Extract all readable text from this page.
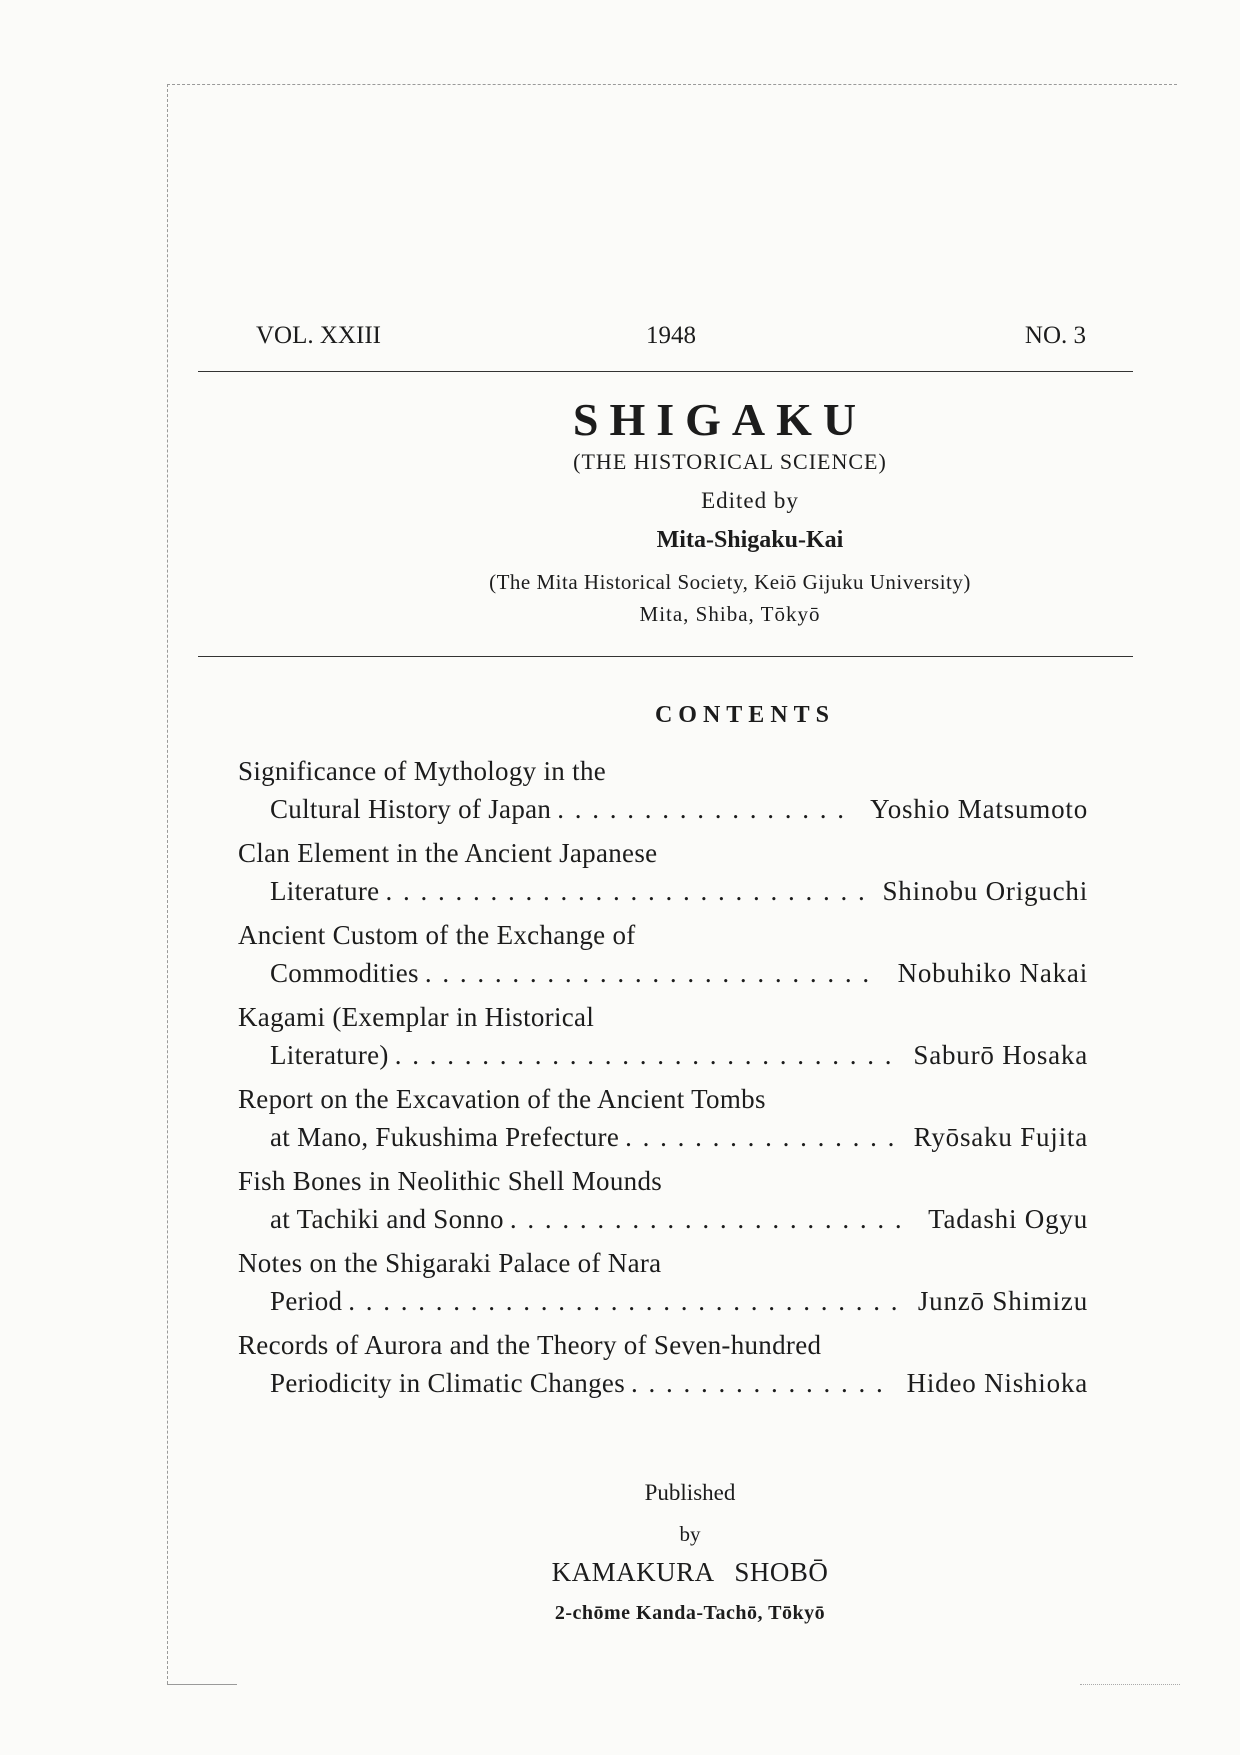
VOL. XXIII	1948	NO. 3
SHIGAKU
(THE HISTORICAL SCIENCE)
Edited by
Mita-Shigaku-Kai
(The Mita Historical Society, Keiō Gijuku University)
Mita, Shiba, Tōkyō
CONTENTS
Significance of Mythology in the
Cultural History of Japan . . .	Yoshio Matsumoto
Clan Element in the Ancient Japanese
Literature . . .	Shinobu Origuchi
Ancient Custom of the Exchange of
Commodities . . .	Nobuhiko Nakai
Kagami (Exemplar in Historical
Literature) . . .	Saburō Hosaka
Report on the Excavation of the Ancient Tombs
at Mano, Fukushima Prefecture . . .	Ryōsaku Fujita
Fish Bones in Neolithic Shell Mounds
at Tachiki and Sonno . . .	Tadashi Ogyu
Notes on the Shigaraki Palace of Nara
Period . . .	Junzō Shimizu
Records of Aurora and the Theory of Seven-hundred
Periodicity in Climatic Changes . . .	Hideo Nishioka
Published
by
KAMAKURA SHOBŌ
2-chōme Kanda-Tachō, Tōkyō
